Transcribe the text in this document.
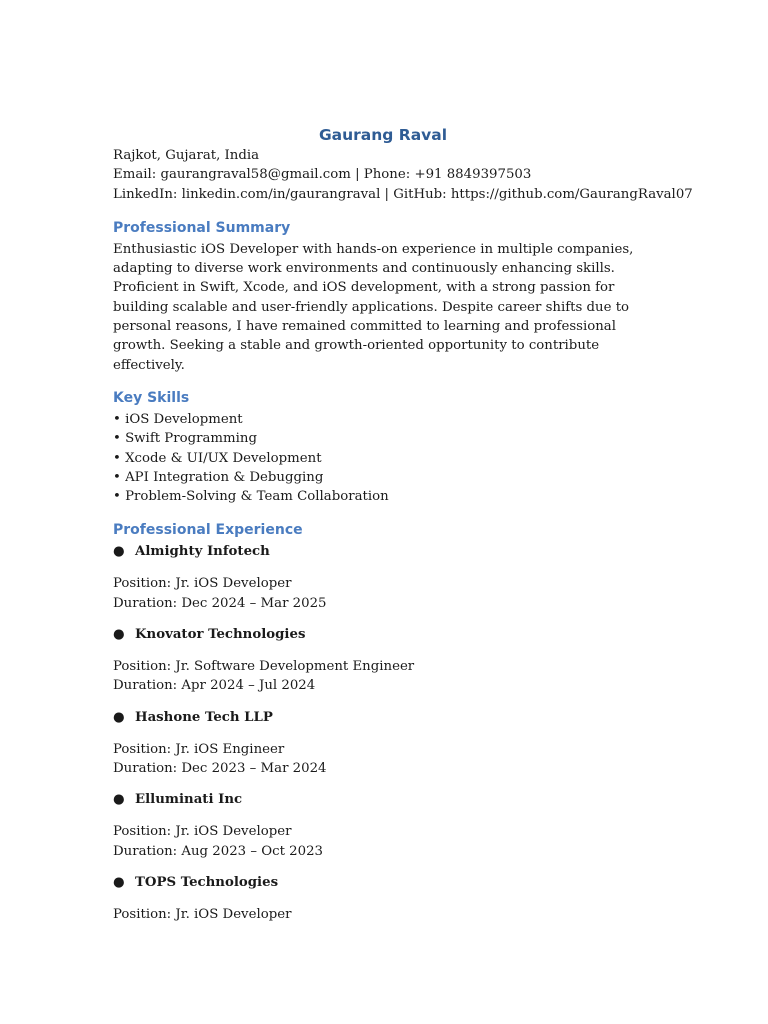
Gaurang Raval
Rajkot, Gujarat, India
Email: gaurangraval58@gmail.com | Phone: +91 8849397503
LinkedIn: linkedin.com/in/gaurangraval | GitHub: https://github.com/GaurangRaval07
Professional Summary
Enthusiastic iOS Developer with hands-on experience in multiple companies, adapting to diverse work environments and continuously enhancing skills. Proficient in Swift, Xcode, and iOS development, with a strong passion for building scalable and user-friendly applications. Despite career shifts due to personal reasons, I have remained committed to learning and professional growth. Seeking a stable and growth-oriented opportunity to contribute effectively.
Key Skills
• iOS Development
• Swift Programming
• Xcode & UI/UX Development
• API Integration & Debugging
• Problem-Solving & Team Collaboration
Professional Experience
● Almighty Infotech
Position: Jr. iOS Developer
Duration: Dec 2024 – Mar 2025
● Knovator Technologies
Position: Jr. Software Development Engineer
Duration: Apr 2024 – Jul 2024
● Hashone Tech LLP
Position: Jr. iOS Engineer
Duration: Dec 2023 – Mar 2024
● Elluminati Inc
Position: Jr. iOS Developer
Duration: Aug 2023 – Oct 2023
● TOPS Technologies
Position: Jr. iOS Developer
